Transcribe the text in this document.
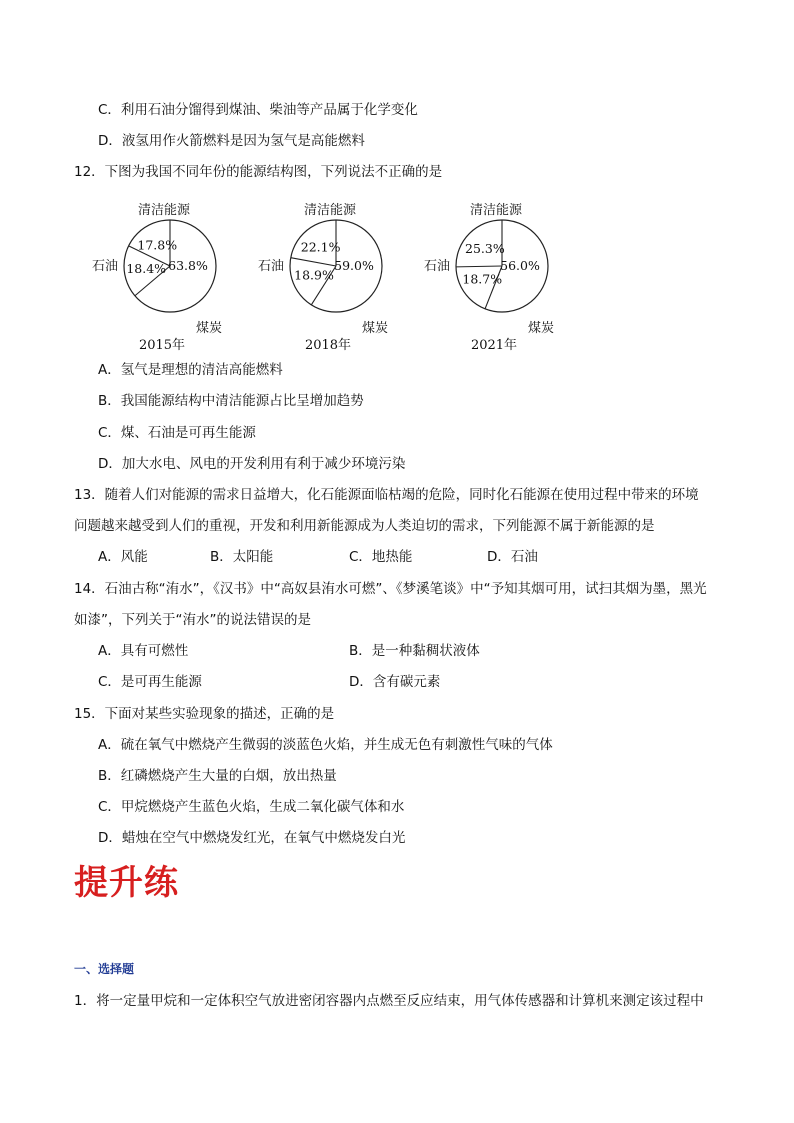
C．利用石油分馏得到煤油、柴油等产品属于化学变化
D．液氢用作火箭燃料是因为氢气是高能燃料
12．下图为我国不同年份的能源结构图，下列说法不正确的是
17.8%
18.4% 63.8%
清洁能源
石油
煤炭
2015年
22.1%
18.9%
59.0%
清洁能源
石油
煤炭
2018年
25.3%
18.7%
56.0%
清洁能源
石油
煤炭
2021年
A．氢气是理想的清洁高能燃料
B．我国能源结构中清洁能源占比呈增加趋势
C．煤、石油是可再生能源
D．加大水电、风电的开发利用有利于减少环境污染
13．随着人们对能源的需求日益增大，化石能源面临枯竭的危险，同时化石能源在使用过程中带来的环境
问题越来越受到人们的重视，开发和利用新能源成为人类迫切的需求，下列能源不属于新能源的是
A．风能	B．太阳能	C．地热能	D．石油
14．石油古称“洧水”，《汉书》中“高奴县洧水可燃”、《梦溪笔谈》中“予知其烟可用，试扫其烟为墨，黑光
如漆”，下列关于“洧水”的说法错误的是
A．具有可燃性	B．是一种黏稠状液体
C．是可再生能源	D．含有碳元素
15．下面对某些实验现象的描述，正确的是
A．硫在氧气中燃烧产生微弱的淡蓝色火焰，并生成无色有刺激性气味的气体
B．红磷燃烧产生大量的白烟，放出热量
C．甲烷燃烧产生蓝色火焰，生成二氧化碳气体和水
D．蜡烛在空气中燃烧发红光，在氧气中燃烧发白光
提升练
一、选择题
1．将一定量甲烷和一定体积空气放进密闭容器内点燃至反应结束，用气体传感器和计算机来测定该过程中
